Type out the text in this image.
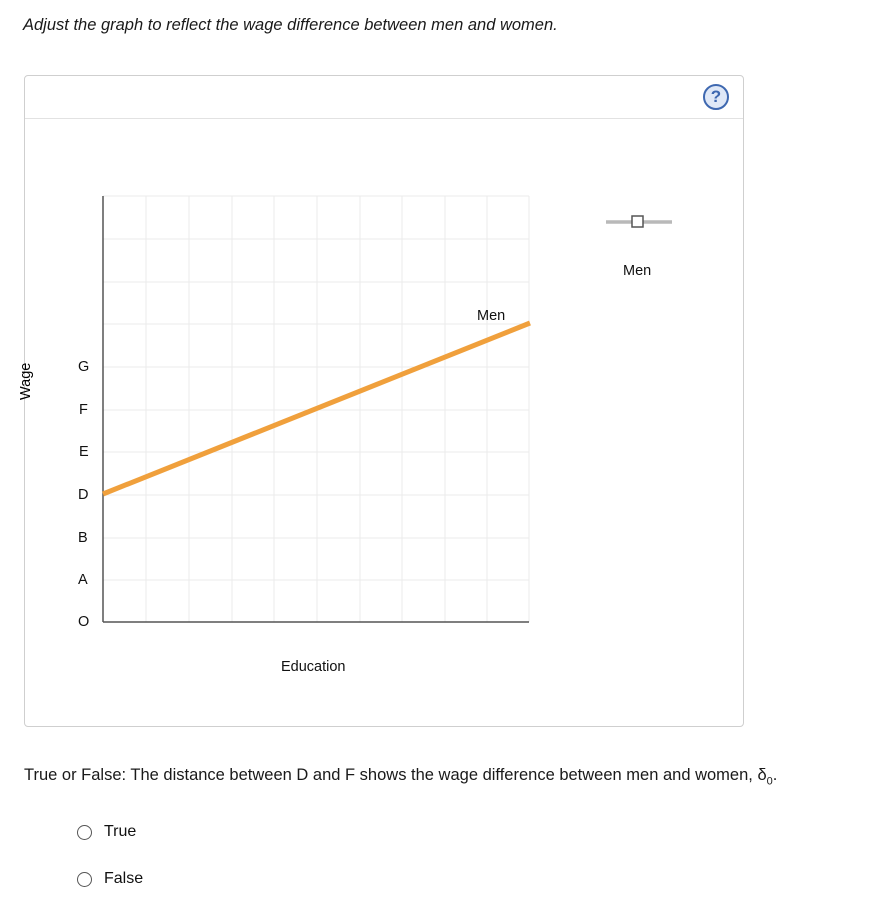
Adjust the graph to reflect the wage difference between men and women.
?
G
F
E
D
B
A
O
Wage
Education
Men
Men
True or False: The distance between D and F shows the wage difference between men and women, $\delta_0$.
True
False
